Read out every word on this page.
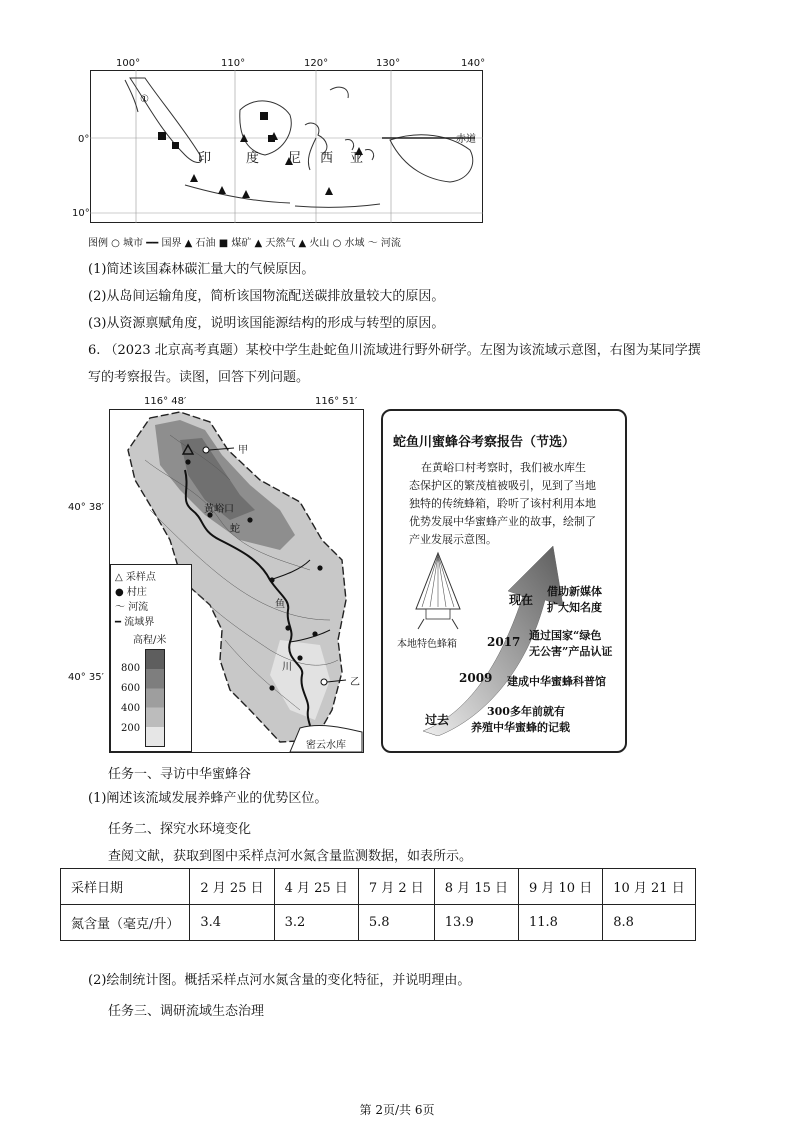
100°	110°	120°	130°	140°
0°
10°
①
印	度 尼 西 亚
赤道
图例 ○ 城市 ━━ 国界 ▲ 石油 ■ 煤矿 ▲ 天然气 ▲ 火山 ○ 水域 〜 河流
(1)简述该国森林碳汇量大的气候原因。
(2)从岛间运输角度，简析该国物流配送碳排放量较大的原因。
(3)从资源禀赋角度，说明该国能源结构的形成与转型的原因。
6. （2023 北京高考真题）某校中学生赴蛇鱼川流域进行野外研学。左图为该流域示意图，右图为某同学撰
写的考察报告。读图，回答下列问题。
116° 48′	116° 51′
40° 38′
40° 35′
甲
黄峪口
蛇
鱼
川
乙
密云水库
△ 采样点
● 村庄
〜 河流
━ 流域界
高程/米
800
600
400
200
蛇鱼川蜜蜂谷考察报告（节选）
在黄峪口村考察时，我们被水库生
态保护区的繁茂植被吸引，见到了当地
独特的传统蜂箱，聆听了该村利用本地
优势发展中华蜜蜂产业的故事，绘制了
产业发展示意图。
本地特色蜂箱
现在
借助新媒体
扩大知名度
2017 通过国家“绿色
无公害”产品认证
2009 建成中华蜜蜂科普馆
过去
300多年前就有
养殖中华蜜蜂的记载
任务一、寻访中华蜜蜂谷
(1)阐述该流域发展养蜂产业的优势区位。
任务二、探究水环境变化
查阅文献，获取到图中采样点河水氮含量监测数据，如表所示。
采样日期	2 月 25 日	4 月 25 日	7 月 2 日	8 月 15 日	9 月 10 日	10 月 21 日
氮含量（毫克/升）	3.4	3.2	5.8	13.9	11.8	8.8
(2)绘制统计图。概括采样点河水氮含量的变化特征，并说明理由。
任务三、调研流域生态治理
第 2页/共 6页
